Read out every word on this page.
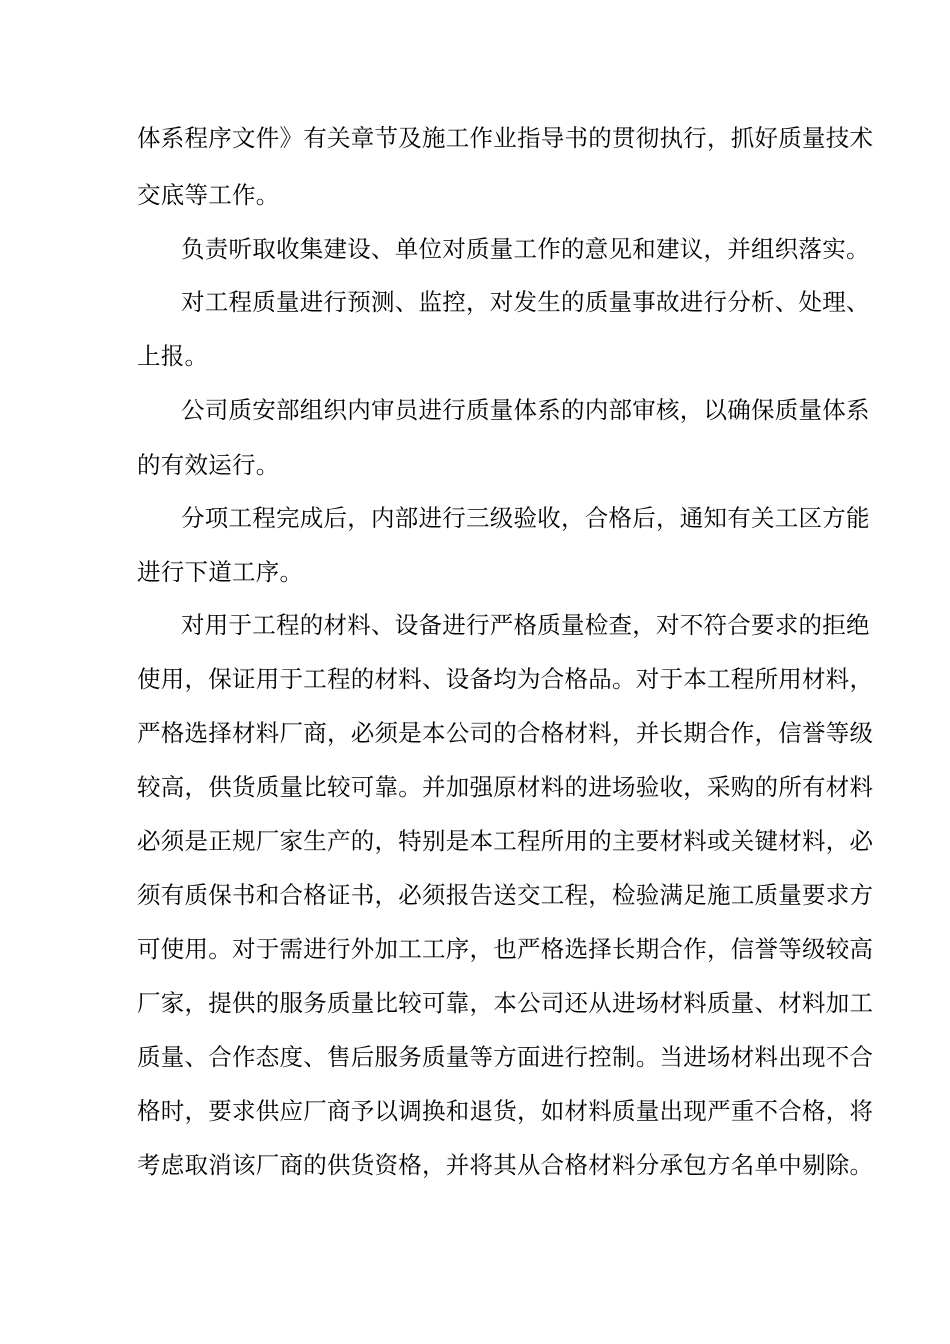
体系程序文件》有关章节及施工作业指导书的贯彻执行，抓好质量技术
交底等工作。
负责听取收集建设、单位对质量工作的意见和建议，并组织落实。
对工程质量进行预测、监控，对发生的质量事故进行分析、处理、
上报。
公司质安部组织内审员进行质量体系的内部审核，以确保质量体系
的有效运行。
分项工程完成后，内部进行三级验收，合格后，通知有关工区方能
进行下道工序。
对用于工程的材料、设备进行严格质量检查，对不符合要求的拒绝
使用，保证用于工程的材料、设备均为合格品。对于本工程所用材料，
严格选择材料厂商，必须是本公司的合格材料，并长期合作，信誉等级
较高，供货质量比较可靠。并加强原材料的进场验收，采购的所有材料
必须是正规厂家生产的，特别是本工程所用的主要材料或关键材料，必
须有质保书和合格证书，必须报告送交工程，检验满足施工质量要求方
可使用。对于需进行外加工工序，也严格选择长期合作，信誉等级较高
厂家，提供的服务质量比较可靠，本公司还从进场材料质量、材料加工
质量、合作态度、售后服务质量等方面进行控制。当进场材料出现不合
格时，要求供应厂商予以调换和退货，如材料质量出现严重不合格，将
考虑取消该厂商的供货资格，并将其从合格材料分承包方名单中剔除。
